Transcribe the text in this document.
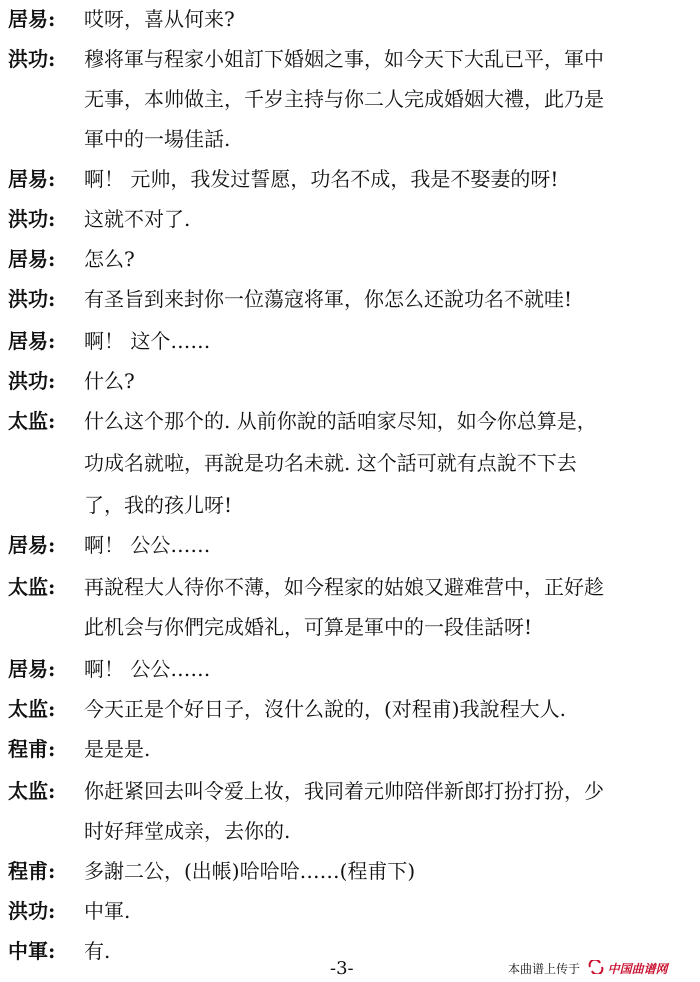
居易: 哎呀，喜从何来?
洪功: 穆将軍与程家小姐訂下婚姻之事，如今天下大乱已平，軍中
无事，本帅做主，千岁主持与你二人完成婚姻大禮，此乃是
軍中的一場佳話.
居易: 啊！ 元帅，我发过誓愿，功名不成，我是不娶妻的呀!
洪功: 这就不对了.
居易: 怎么?
洪功: 有圣旨到来封你一位蕩寇将軍，你怎么还說功名不就哇!
居易: 啊！ 这个……
洪功: 什么?
太监: 什么这个那个的. 从前你說的話咱家尽知，如今你总算是，
功成名就啦，再說是功名未就. 这个話可就有点說不下去
了，我的孩儿呀!
居易: 啊！ 公公……
太监: 再說程大人待你不薄，如今程家的姑娘又避难营中，正好趁
此机会与你們完成婚礼，可算是軍中的一段佳話呀!
居易: 啊！ 公公……
太监: 今天正是个好日子，沒什么說的，(对程甫)我說程大人.
程甫: 是是是.
太监: 你赶紧回去叫令爱上妆，我同着元帅陪伴新郎打扮打扮，少
时好拜堂成亲，去你的.
程甫: 多謝二公，(出帳)哈哈哈……(程甫下)
洪功: 中軍.
中軍: 有.
-3-	本曲谱上传于 中国曲谱网
